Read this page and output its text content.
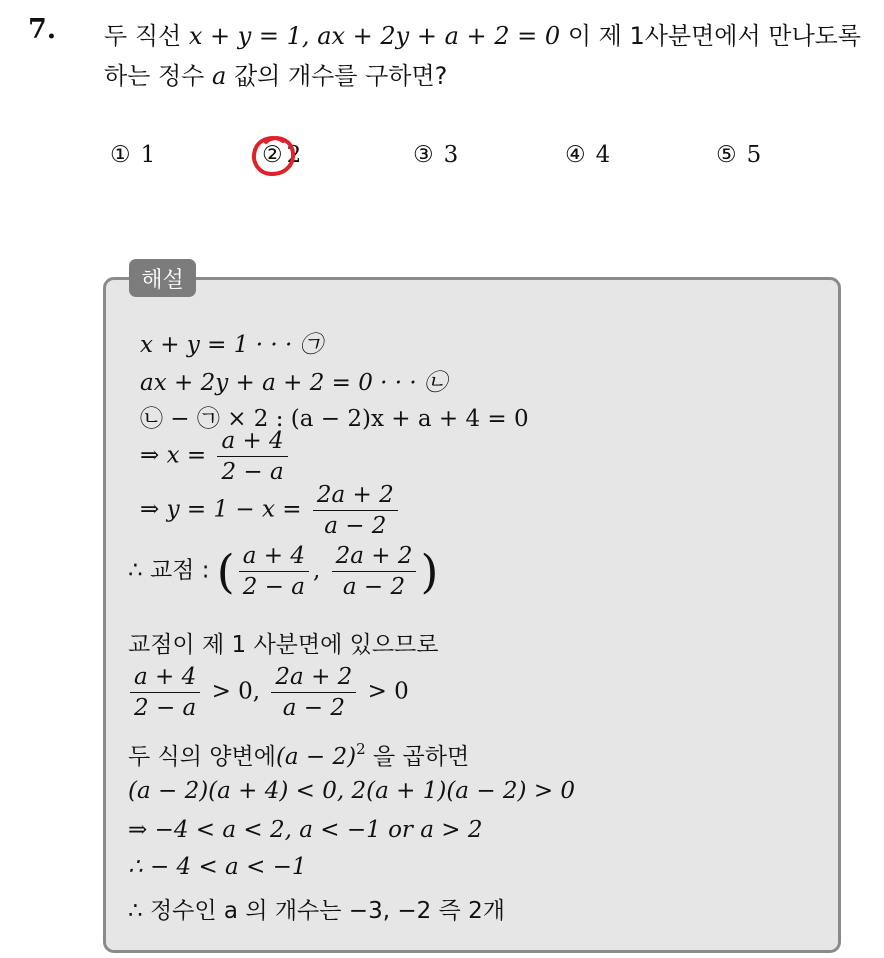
7. 두 직선 x + y = 1, ax + 2y + a + 2 = 0 이 제 1사분면에서 만나도록
하는 정수 a 값의 개수를 구하면?
① 1	② 2	③ 3	④ 4	⑤ 5
해설
x + y = 1 · · · ㉠
ax + 2y + a + 2 = 0 · · · ㉡
㉡ − ㉠ × 2 : (a − 2)x + a + 4 = 0
⇒ $x = \frac{a + 4}{2 - a}$
⇒ $y = 1 - x = \frac{2a + 2}{a - 2}$
∴ 교점 : ( $\frac{a + 4}{2 - a}$ , $\frac{2a + 2}{a - 2}$ )
교점이 제 1 사분면에 있으므로
$\frac{a + 4}{2 - a} > 0$, $\frac{2a + 2}{a - 2} > 0$
두 식의 양변에$(a - 2)^2$ 을 곱하면
(a − 2)(a + 4) < 0, 2(a + 1)(a − 2) > 0
⇒ −4 < a < 2, a < −1 or a > 2
∴ − 4 < a < −1
∴ 정수인 a 의 개수는 −3, −2 즉 2개
